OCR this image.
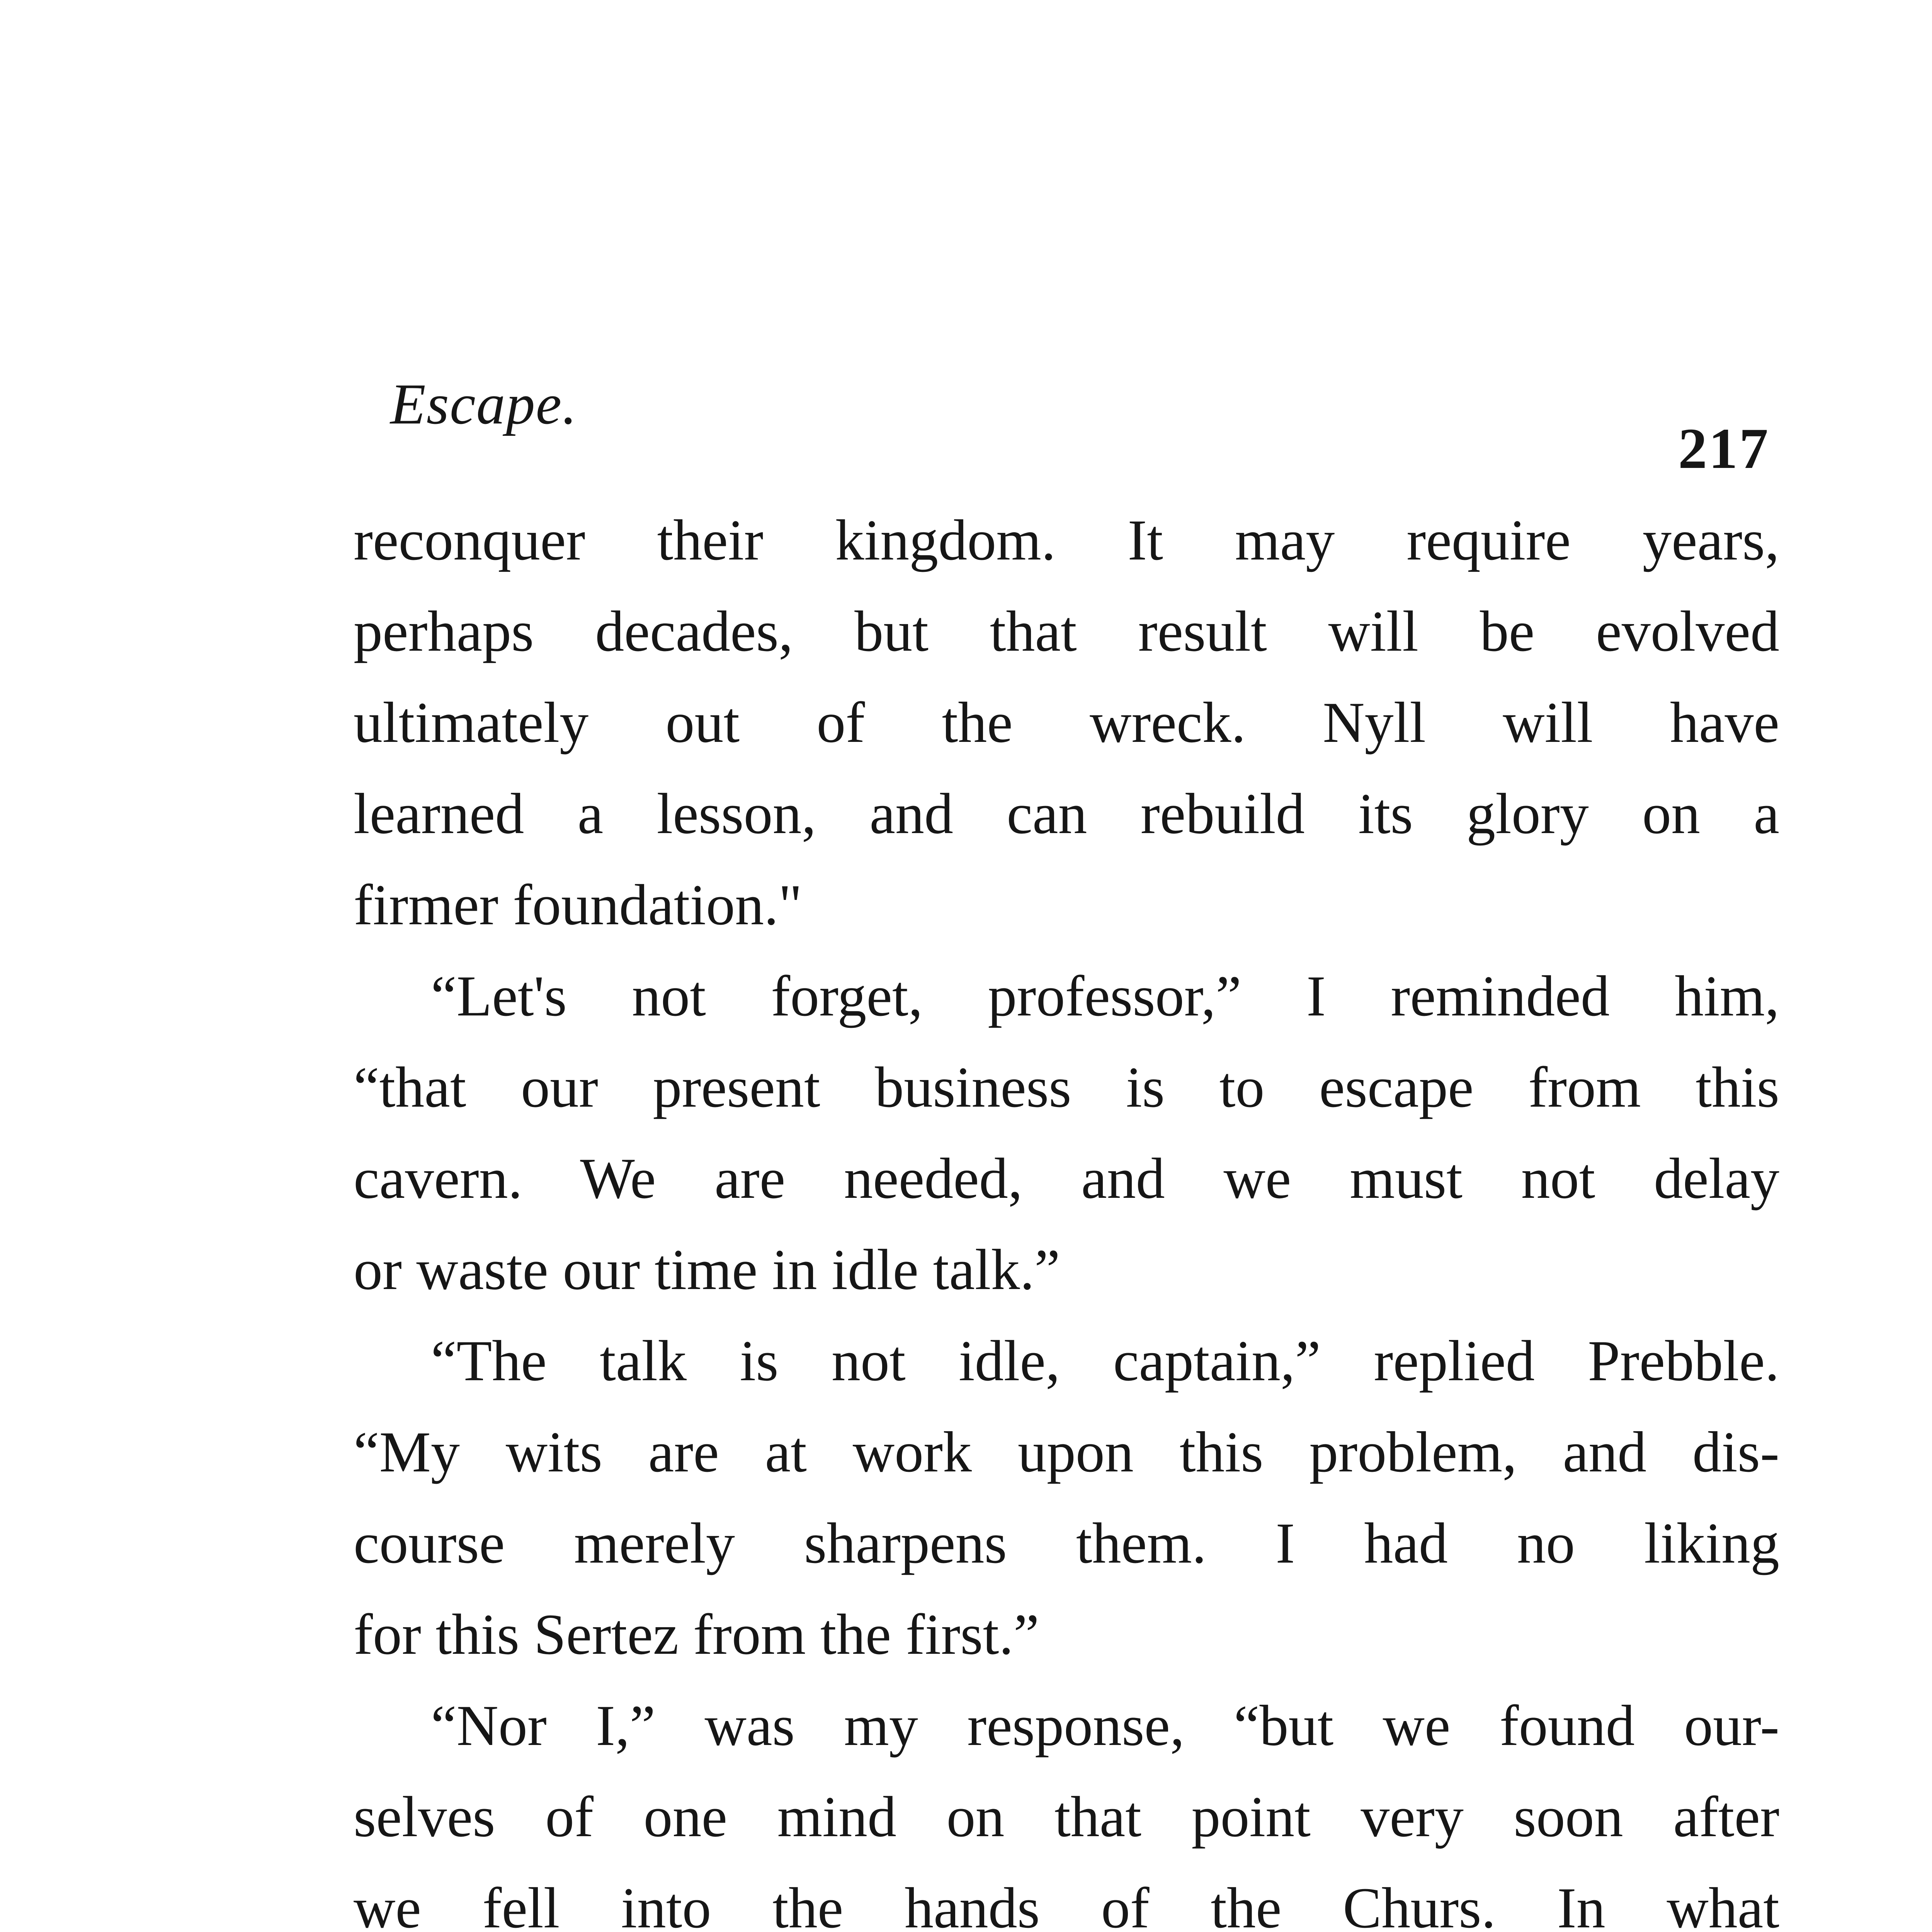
Escape.
217
reconquer their kingdom. It may require years,
perhaps decades, but that result will be evolved
ultimately out of the wreck. Nyll will have
learned a lesson, and can rebuild its glory on a
firmer foundation."
“Let's not forget, professor,” I reminded him,
“that our present business is to escape from this
cavern. We are needed, and we must not delay
or waste our time in idle talk.”
“The talk is not idle, captain,” replied Prebble.
“My wits are at work upon this problem, and dis-
course merely sharpens them. I had no liking
for this Sertez from the first.”
“Nor I,” was my response, “but we found our-
selves of one mind on that point very soon after
we fell into the hands of the Churs. In what
